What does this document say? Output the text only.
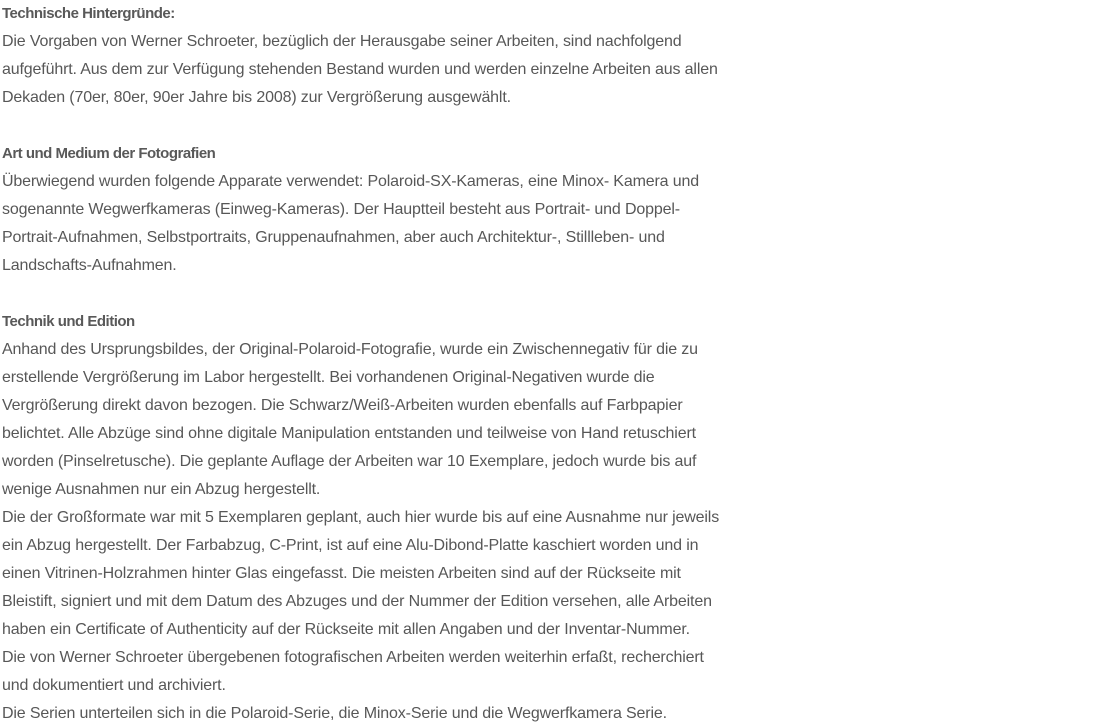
Technische Hintergründe:

Die Vorgaben von Werner Schroeter, bezüglich der Herausgabe seiner Arbeiten, sind nachfolgend

aufgeführt. Aus dem zur Verfügung stehenden Bestand wurden und werden einzelne Arbeiten aus allen

Dekaden (70er, 80er, 90er Jahre bis 2008) zur Vergrößerung ausgewählt.

Art und Medium der Fotografien

Überwiegend wurden folgende Apparate verwendet: Polaroid-SX-Kameras, eine Minox- Kamera und

sogenannte Wegwerfkameras (Einweg-Kameras). Der Hauptteil besteht aus Portrait- und Doppel-

Portrait-Aufnahmen, Selbstportraits, Gruppenaufnahmen, aber auch Architektur-, Stillleben- und

Landschafts-Aufnahmen.

Technik und Edition

Anhand des Ursprungsbildes, der Original-Polaroid-Fotografie, wurde ein Zwischennegativ für die zu

erstellende Vergrößerung im Labor hergestellt. Bei vorhandenen Original-Negativen wurde die

Vergrößerung direkt davon bezogen. Die Schwarz/Weiß-Arbeiten wurden ebenfalls auf Farbpapier

belichtet. Alle Abzüge sind ohne digitale Manipulation entstanden und teilweise von Hand retuschiert

worden (Pinselretusche). Die geplante Auflage der Arbeiten war 10 Exemplare, jedoch wurde bis auf

wenige Ausnahmen nur ein Abzug hergestellt.

Die der Großformate war mit 5 Exemplaren geplant, auch hier wurde bis auf eine Ausnahme nur jeweils

ein Abzug hergestellt. Der Farbabzug, C-Print, ist auf eine Alu-Dibond-Platte kaschiert worden und in

einen Vitrinen-Holzrahmen hinter Glas eingefasst. Die meisten Arbeiten sind auf der Rückseite mit

Bleistift, signiert und mit dem Datum des Abzuges und der Nummer der Edition versehen, alle Arbeiten

haben ein Certificate of Authenticity auf der Rückseite mit allen Angaben und der Inventar-Nummer.

Die von Werner Schroeter übergebenen fotografischen Arbeiten werden weiterhin erfaßt, recherchiert

und dokumentiert und archiviert.

Die Serien unterteilen sich in die Polaroid-Serie, die Minox-Serie und die Wegwerfkamera Serie.
